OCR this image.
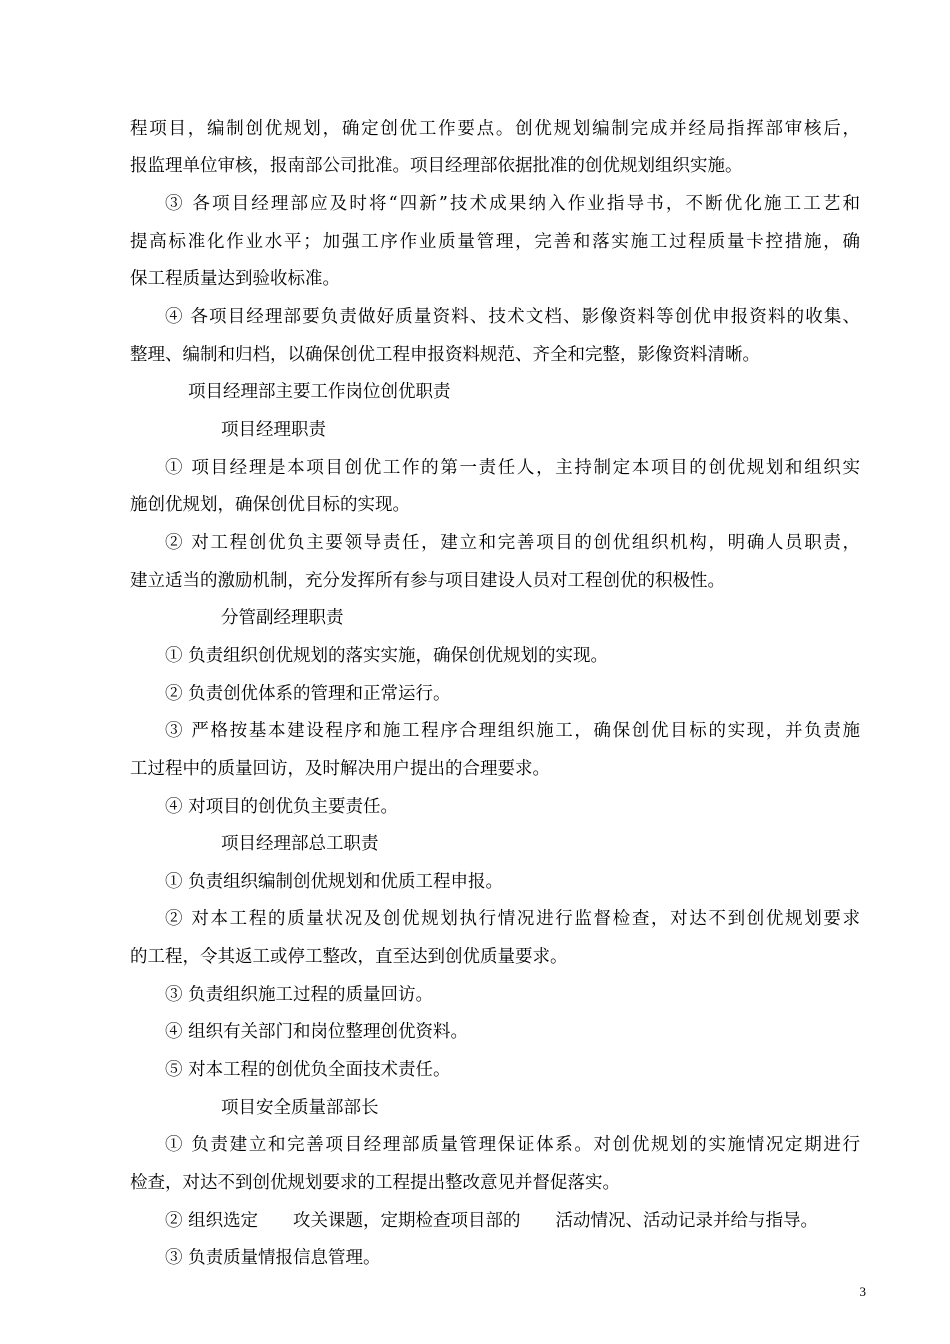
程项目，编制创优规划，确定创优工作要点。创优规划编制完成并经局指挥部审核后，
报监理单位审核，报南部公司批准。项目经理部依据批准的创优规划组织实施。
③ 各项目经理部应及时将“四新”技术成果纳入作业指导书，不断优化施工工艺和
提高标准化作业水平；加强工序作业质量管理，完善和落实施工过程质量卡控措施，确
保工程质量达到验收标准。
④ 各项目经理部要负责做好质量资料、技术文档、影像资料等创优申报资料的收集、
整理、编制和归档，以确保创优工程申报资料规范、齐全和完整，影像资料清晰。
项目经理部主要工作岗位创优职责
项目经理职责
① 项目经理是本项目创优工作的第一责任人，主持制定本项目的创优规划和组织实
施创优规划，确保创优目标的实现。
② 对工程创优负主要领导责任，建立和完善项目的创优组织机构，明确人员职责，
建立适当的激励机制，充分发挥所有参与项目建设人员对工程创优的积极性。
分管副经理职责
① 负责组织创优规划的落实实施，确保创优规划的实现。
② 负责创优体系的管理和正常运行。
③ 严格按基本建设程序和施工程序合理组织施工，确保创优目标的实现，并负责施
工过程中的质量回访，及时解决用户提出的合理要求。
④ 对项目的创优负主要责任。
项目经理部总工职责
① 负责组织编制创优规划和优质工程申报。
② 对本工程的质量状况及创优规划执行情况进行监督检查，对达不到创优规划要求
的工程，令其返工或停工整改，直至达到创优质量要求。
③ 负责组织施工过程的质量回访。
④ 组织有关部门和岗位整理创优资料。
⑤ 对本工程的创优负全面技术责任。
项目安全质量部部长
① 负责建立和完善项目经理部质量管理保证体系。对创优规划的实施情况定期进行
检查，对达不到创优规划要求的工程提出整改意见并督促落实。
② 组织选定　　攻关课题，定期检查项目部的　　活动情况、活动记录并给与指导。
③ 负责质量情报信息管理。
3
